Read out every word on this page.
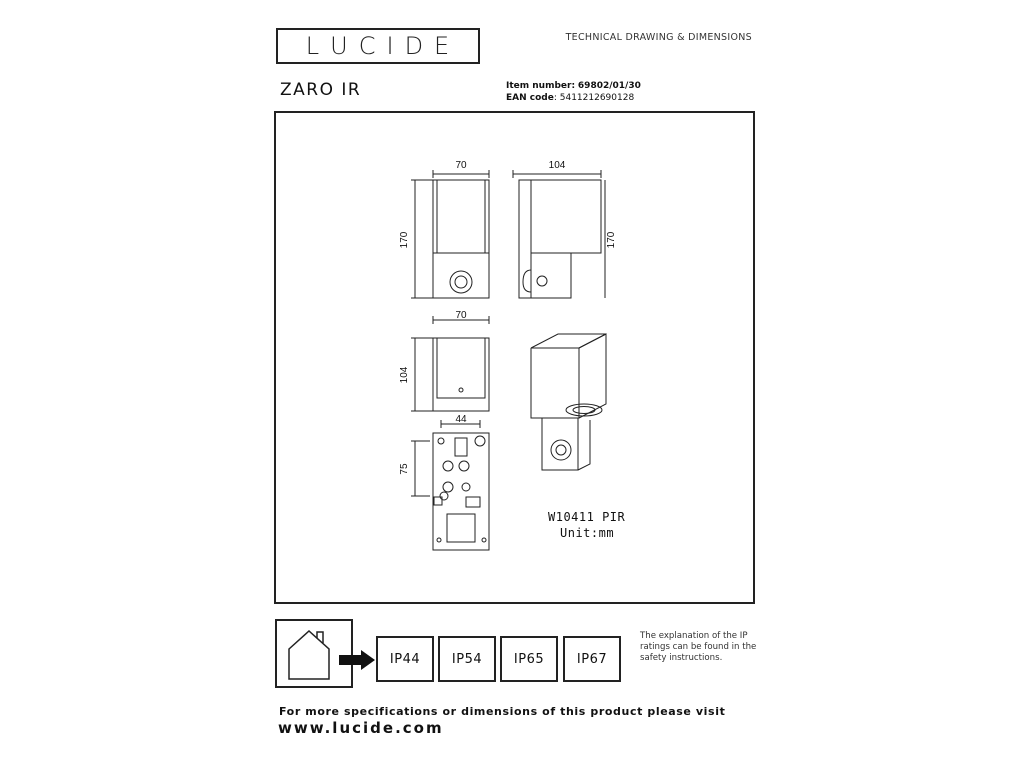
L U C I D E	TECHNICAL DRAWING & DIMENSIONS
ZARO IR	Item number: 69802/01/30
EAN code: 5411212690128
70	104
170	170
70
104
44
75
W10411 PIR
Unit:mm
IP44	IP54	IP65	IP67
The explanation of the IP ratings can be found in the safety instructions.
For more specifications or dimensions of this product please visit
www.lucide.com
